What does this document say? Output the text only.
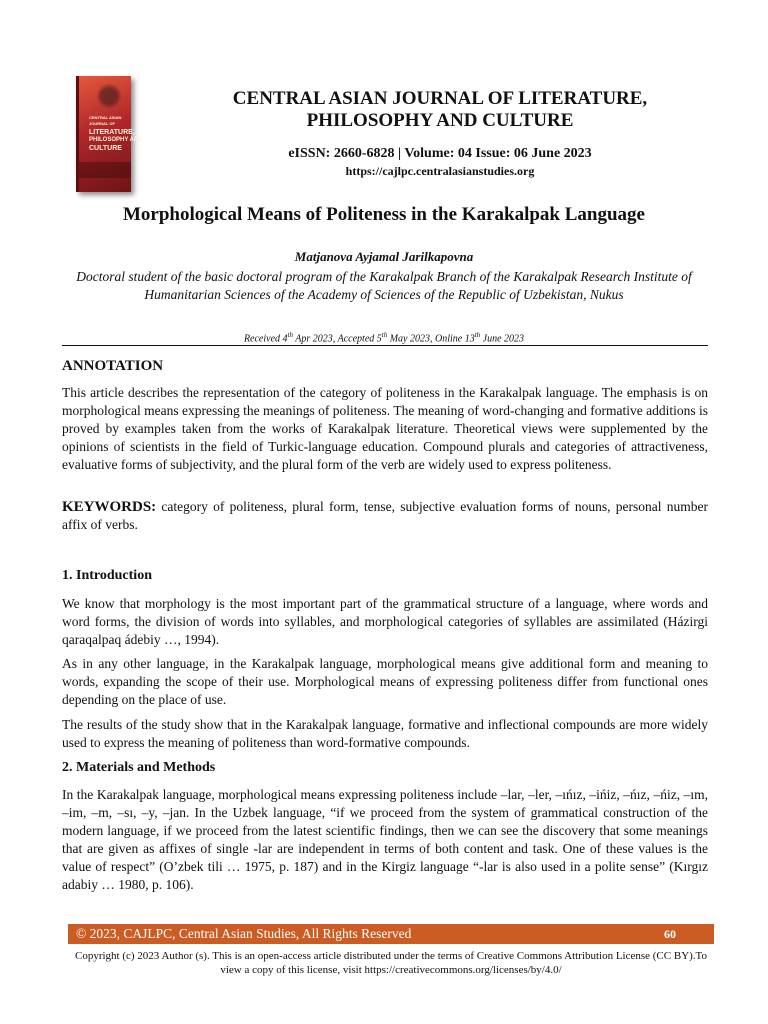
CENTRAL ASIAN
JOURNAL OF
LITERATURE,
PHILOSOPHY AND
CULTURE
CENTRAL ASIAN JOURNAL OF LITERATURE,
PHILOSOPHY AND CULTURE
eISSN: 2660-6828 | Volume: 04 Issue: 06 June 2023
https://cajlpc.centralasianstudies.org
Morphological Means of Politeness in the Karakalpak Language
Matjanova Ayjamal Jarilkapovna
Doctoral student of the basic doctoral program of the Karakalpak Branch of the Karakalpak Research Institute of Humanitarian Sciences of the Academy of Sciences of the Republic of Uzbekistan, Nukus
Received 4th Apr 2023, Accepted 5th May 2023, Online 13th June 2023
ANNOTATION
This article describes the representation of the category of politeness in the Karakalpak language. The emphasis is on morphological means expressing the meanings of politeness. The meaning of word-changing and formative additions is proved by examples taken from the works of Karakalpak literature. Theoretical views were supplemented by the opinions of scientists in the field of Turkic-language education. Compound plurals and categories of attractiveness, evaluative forms of subjectivity, and the plural form of the verb are widely used to express politeness.
KEYWORDS: category of politeness, plural form, tense, subjective evaluation forms of nouns, personal number affix of verbs.
1. Introduction
We know that morphology is the most important part of the grammatical structure of a language, where words and word forms, the division of words into syllables, and morphological categories of syllables are assimilated (Házirgi qaraqalpaq ádebiy …, 1994).
As in any other language, in the Karakalpak language, morphological means give additional form and meaning to words, expanding the scope of their use. Morphological means of expressing politeness differ from functional ones depending on the place of use.
The results of the study show that in the Karakalpak language, formative and inflectional compounds are more widely used to express the meaning of politeness than word-formative compounds.
2. Materials and Methods
In the Karakalpak language, morphological means expressing politeness include –lar, –ler, –ıńız, –ińiz, –ńız, –ńiz, –ım, –im, –m, –sı, –y, –jan. In the Uzbek language, “if we proceed from the system of grammatical construction of the modern language, if we proceed from the latest scientific findings, then we can see the discovery that some meanings that are given as affixes of single -lar are independent in terms of both content and task. One of these values is the value of respect” (O’zbek tili … 1975, p. 187) and in the Kirgiz language “-lar is also used in a polite sense” (Kırgız adabiy … 1980, p. 106).
© 2023, CAJLPC, Central Asian Studies, All Rights Reserved	60
Copyright (c) 2023 Author (s). This is an open-access article distributed under the terms of Creative Commons Attribution License (CC BY).To view a copy of this license, visit https://creativecommons.org/licenses/by/4.0/
